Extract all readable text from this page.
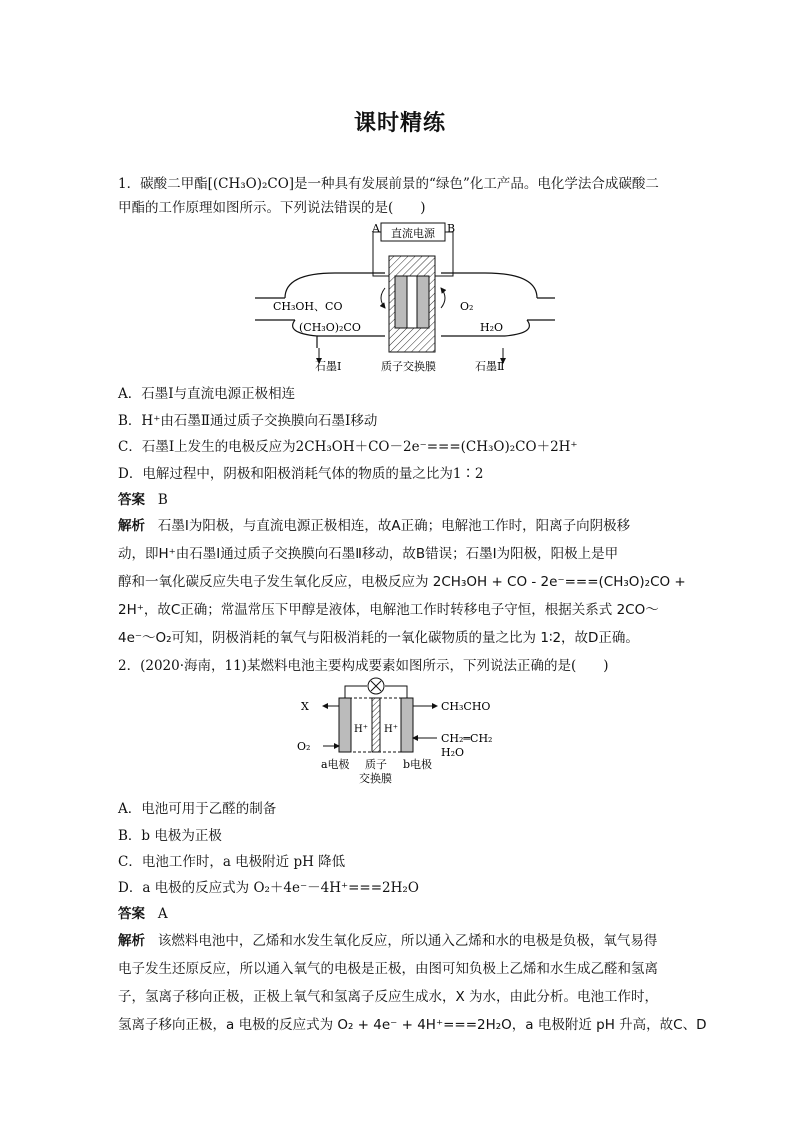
课时精练
1．碳酸二甲酯[(CH₃O)₂CO]是一种具有发展前景的“绿色”化工产品。电化学法合成碳酸二
甲酯的工作原理如图所示。下列说法错误的是(　　)
直流电源
A	B
CH₃OH、CO
(CH₃O)₂CO
O₂
H₂O
石墨Ⅰ	质子交换膜	石墨Ⅱ
A．石墨Ⅰ与直流电源正极相连
B．H⁺由石墨Ⅱ通过质子交换膜向石墨Ⅰ移动
C．石墨Ⅰ上发生的电极反应为2CH₃OH＋CO－2e⁻===(CH₃O)₂CO＋2H⁺
D．电解过程中，阴极和阳极消耗气体的物质的量之比为1∶2
答案 B
解析 石墨Ⅰ为阳极，与直流电源正极相连，故A正确；电解池工作时，阳离子向阴极移
动，即H⁺由石墨Ⅰ通过质子交换膜向石墨Ⅱ移动，故B错误；石墨Ⅰ为阳极，阳极上是甲
醇和一氧化碳反应失电子发生氧化反应，电极反应为 2CH₃OH + CO - 2e⁻===(CH₃O)₂CO +
2H⁺，故C正确；常温常压下甲醇是液体，电解池工作时转移电子守恒，根据关系式 2CO～
4e⁻～O₂可知，阴极消耗的氧气与阳极消耗的一氧化碳物质的量之比为 1∶2，故D正确。
2．(2020·海南，11)某燃料电池主要构成要素如图所示，下列说法正确的是(　　)
H⁺ H⁺
X
O₂
CH₃CHO
CH₂═CH₂
H₂O
a电极 质子
交换膜
b电极
A．电池可用于乙醛的制备
B．b 电极为正极
C．电池工作时，a 电极附近 pH 降低
D．a 电极的反应式为 O₂＋4e⁻－4H⁺===2H₂O
答案 A
解析 该燃料电池中，乙烯和水发生氧化反应，所以通入乙烯和水的电极是负极，氧气易得
电子发生还原反应，所以通入氧气的电极是正极，由图可知负极上乙烯和水生成乙醛和氢离
子，氢离子移向正极，正极上氧气和氢离子反应生成水，X 为水，由此分析。电池工作时，
氢离子移向正极，a 电极的反应式为 O₂ + 4e⁻ + 4H⁺===2H₂O，a 电极附近 pH 升高，故C、D
